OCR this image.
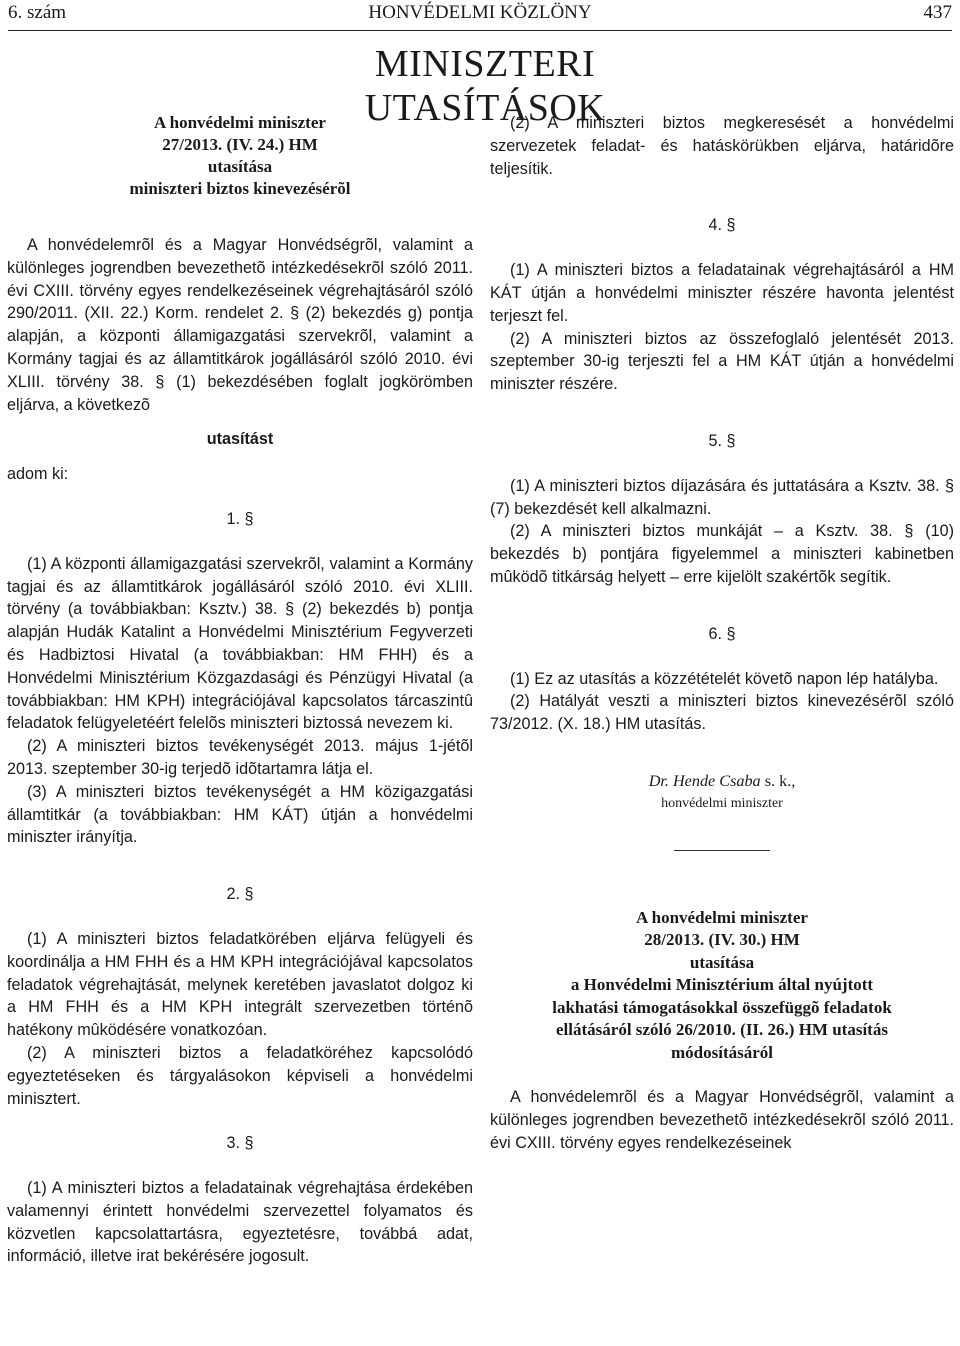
6. szám	HONVÉDELMI KÖZLÖNY	437
MINISZTERI UTASÍTÁSOK
A honvédelmi miniszter
27/2013. (IV. 24.) HM
utasítása
miniszteri biztos kinevezésérõl

A honvédelemrõl és a Magyar Honvédségrõl, valamint a különleges jogrendben bevezethetõ intézkedésekrõl szóló 2011. évi CXIII. törvény egyes rendelkezéseinek végrehajtásáról szóló 290/2011. (XII. 22.) Korm. rendelet 2. § (2) bekezdés g) pontja alapján, a központi államigazgatási szervekrõl, valamint a Kormány tagjai és az államtitkárok jogállásáról szóló 2010. évi XLIII. törvény 38. § (1) bekezdésében foglalt jogkörömben eljárva, a következõ

utasítást
adom ki:
1. §

(1) A központi államigazgatási szervekrõl, valamint a Kormány tagjai és az államtitkárok jogállásáról szóló 2010. évi XLIII. törvény (a továbbiakban: Ksztv.) 38. § (2) bekezdés b) pontja alapján Hudák Katalint a Honvédelmi Minisztérium Fegyverzeti és Hadbiztosi Hivatal (a továbbiakban: HM FHH) és a Honvédelmi Minisztérium Közgazdasági és Pénzügyi Hivatal (a továbbiakban: HM KPH) integrációjával kapcsolatos tárcaszintû feladatok felügyeletéért felelõs miniszteri biztossá nevezem ki.

(2) A miniszteri biztos tevékenységét 2013. május 1-jétõl 2013. szeptember 30-ig terjedõ idõtartamra látja el.

(3) A miniszteri biztos tevékenységét a HM közigazgatási államtitkár (a továbbiakban: HM KÁT) útján a honvédelmi miniszter irányítja.

2. §

(1) A miniszteri biztos feladatkörében eljárva felügyeli és koordinálja a HM FHH és a HM KPH integrációjával kapcsolatos feladatok végrehajtását, melynek keretében javaslatot dolgoz ki a HM FHH és a HM KPH integrált szervezetben történõ hatékony mûködésére vonatkozóan.

(2) A miniszteri biztos a feladatköréhez kapcsolódó egyeztetéseken és tárgyalásokon képviseli a honvédelmi minisztert.

3. §

(1) A miniszteri biztos a feladatainak végrehajtása érdekében valamennyi érintett honvédelmi szervezettel folyamatos és közvetlen kapcsolattartásra, egyeztetésre, továbbá adat, információ, illetve irat bekérésére jogosult.

(2) A miniszteri biztos megkeresését a honvédelmi szervezetek feladat- és hatáskörükben eljárva, határidõre teljesítik.

4. §

(1) A miniszteri biztos a feladatainak végrehajtásáról a HM KÁT útján a honvédelmi miniszter részére havonta jelentést terjeszt fel.

(2) A miniszteri biztos az összefoglaló jelentését 2013. szeptember 30-ig terjeszti fel a HM KÁT útján a honvédelmi miniszter részére.

5. §

(1) A miniszteri biztos díjazására és juttatására a Ksztv. 38. § (7) bekezdését kell alkalmazni.

(2) A miniszteri biztos munkáját – a Ksztv. 38. § (10) bekezdés b) pontjára figyelemmel a miniszteri kabinetben mûködõ titkárság helyett – erre kijelölt szakértõk segítik.

6. §

(1) Ez az utasítás a közzétételét követõ napon lép hatályba.

(2) Hatályát veszti a miniszteri biztos kinevezésérõl szóló 73/2012. (X. 18.) HM utasítás.

Dr. Hende Csaba s. k.,
honvédelmi miniszter
A honvédelmi miniszter
28/2013. (IV. 30.) HM
utasítása
a Honvédelmi Minisztérium által nyújtott
lakhatási támogatásokkal összefüggõ feladatok
ellátásáról szóló 26/2010. (II. 26.) HM utasítás
módosításáról

A honvédelemrõl és a Magyar Honvédségrõl, valamint a különleges jogrendben bevezethetõ intézkedésekrõl szóló 2011. évi CXIII. törvény egyes rendelkezéseinek
